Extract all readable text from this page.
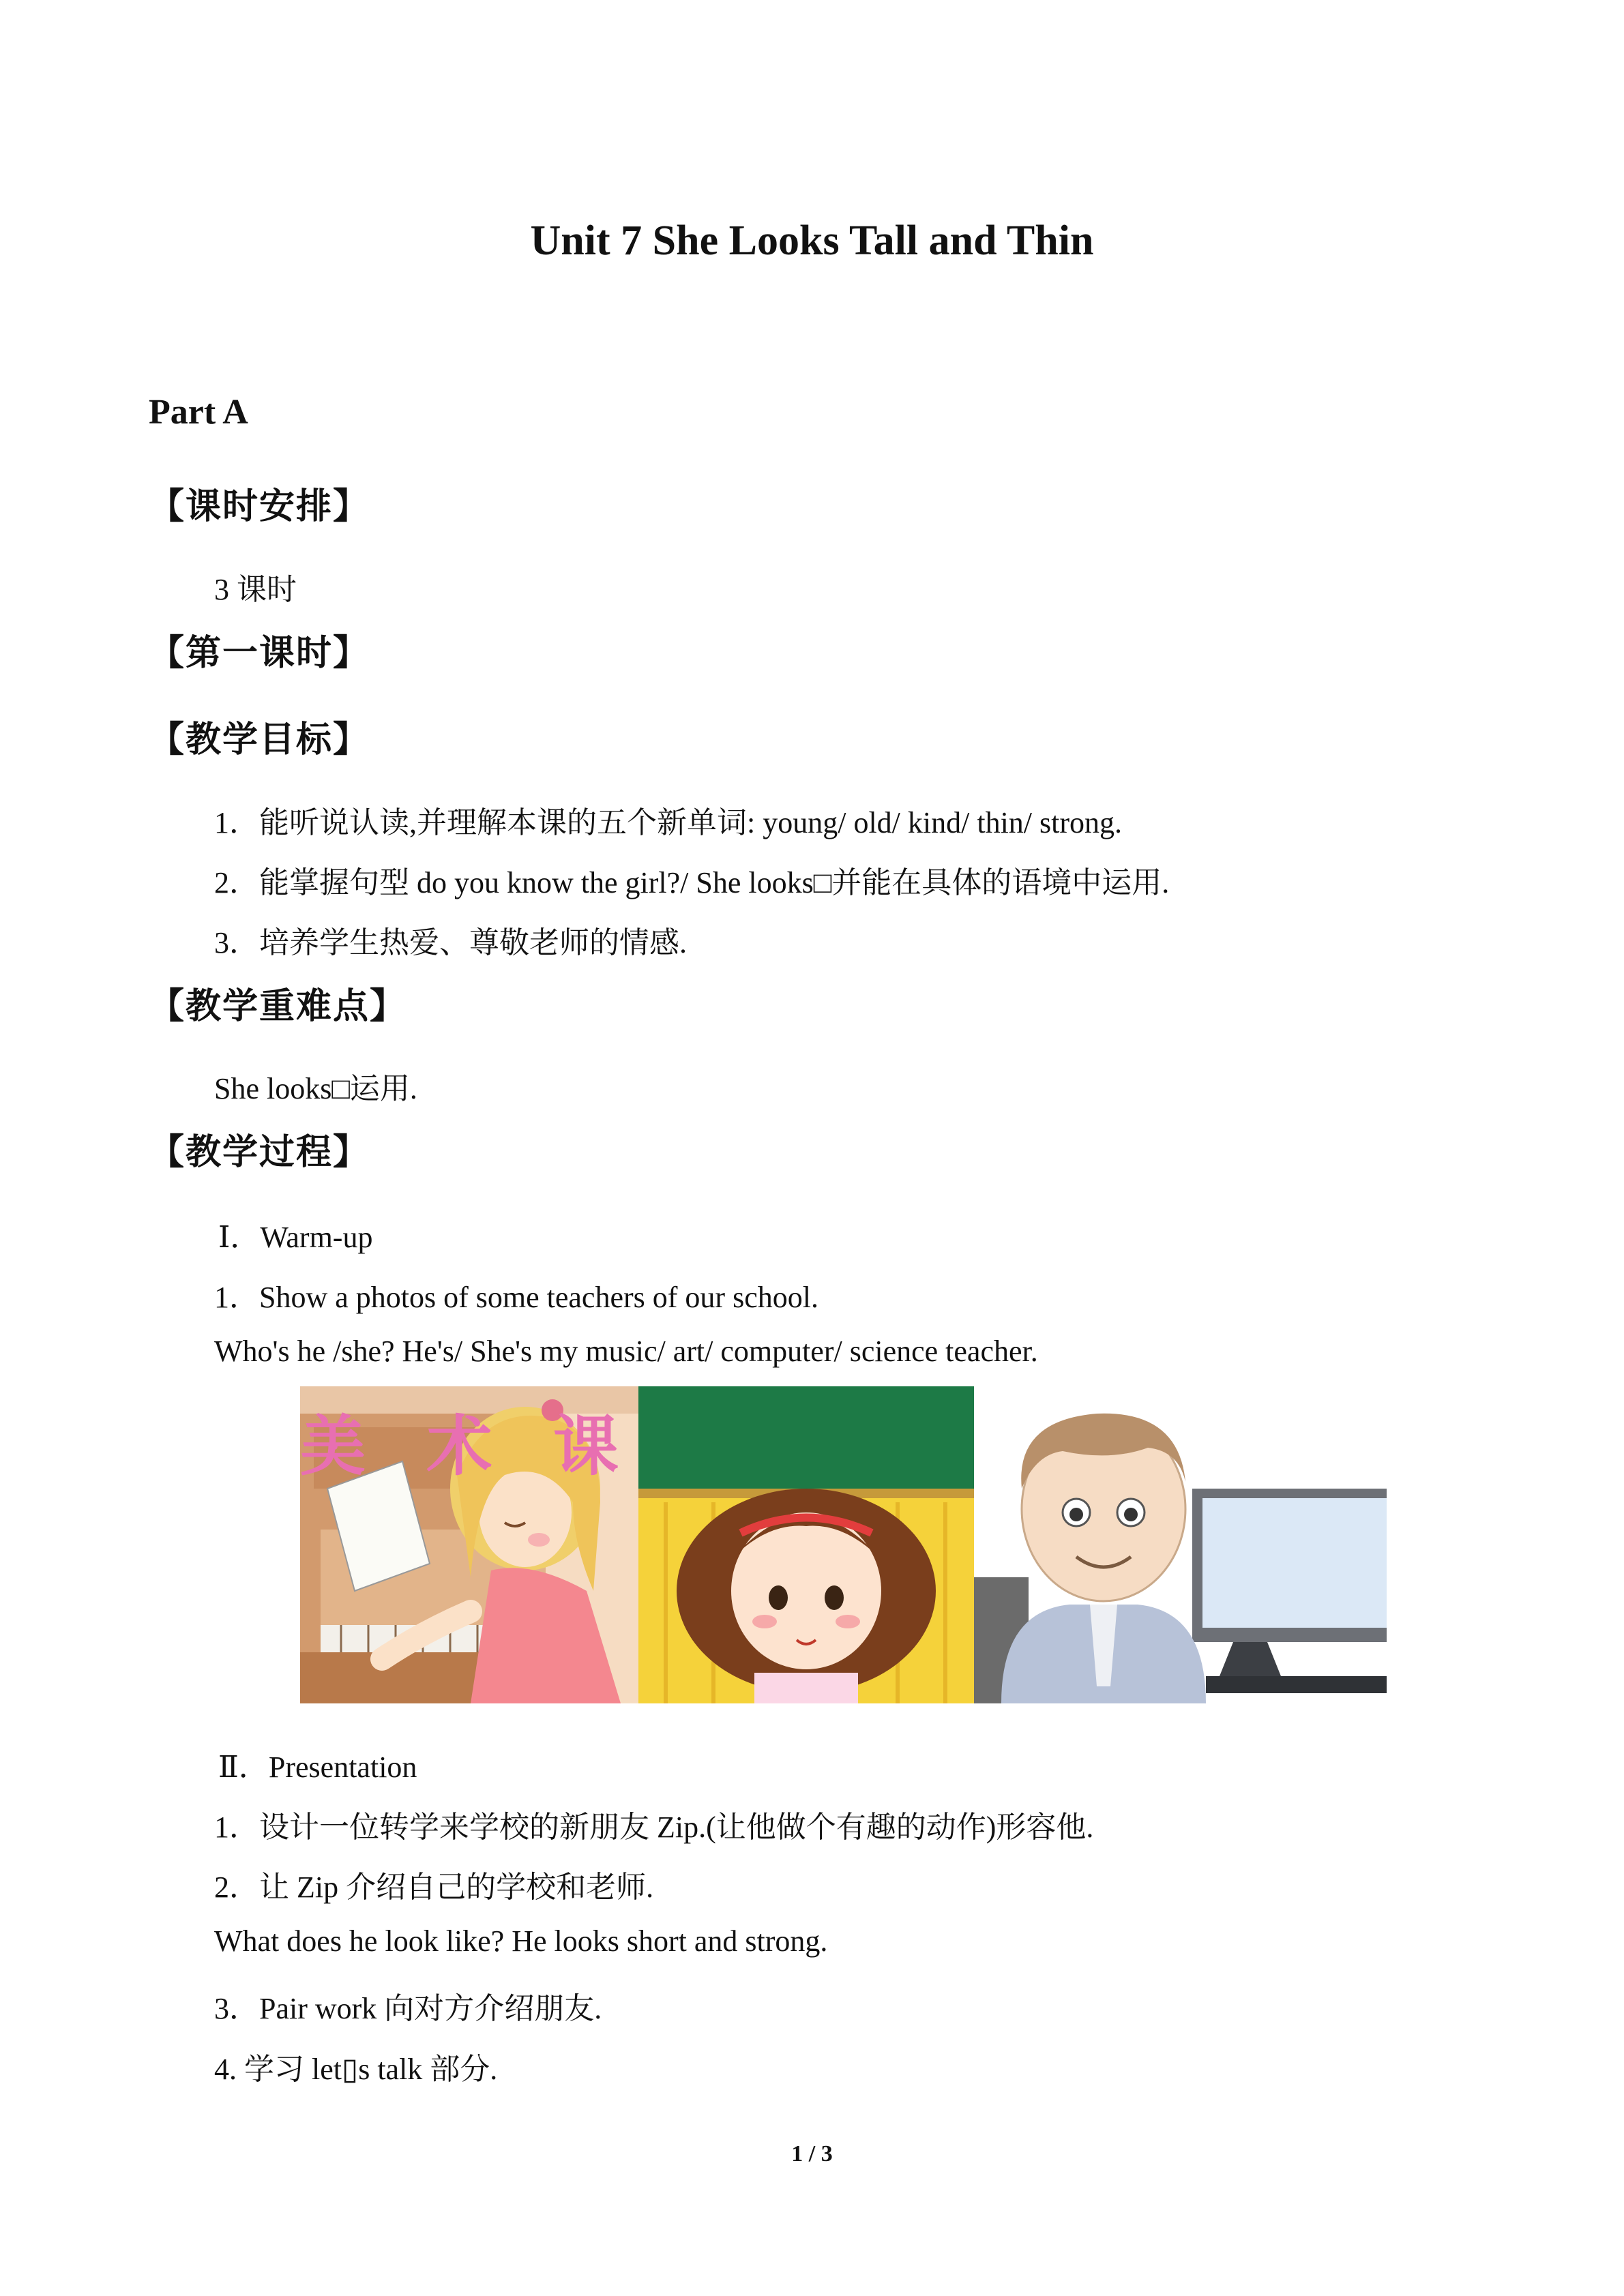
Unit 7 She Looks Tall and Thin
Part A
【课时安排】
3 课时
【第一课时】
【教学目标】
1．能听说认读,并理解本课的五个新单词: young/ old/ kind/ thin/ strong.
2．能掌握句型 do you know the girl?/ She looks□并能在具体的语境中运用.
3．培养学生热爱、尊敬老师的情感.
【教学重难点】
She looks□运用.
【教学过程】
Ⅰ．Warm-up
1．Show a photos of some teachers of our school.
Who's he /she? He's/ She's my music/ art/ computer/ science teacher.
美 术 课
Ⅱ．Presentation
1．设计一位转学来学校的新朋友 Zip.(让他做个有趣的动作)形容他.
2．让 Zip 介绍自己的学校和老师.
What does he look like? He looks short and strong.
3．Pair work 向对方介绍朋友.
4. 学习 let▯s talk 部分.
1 / 3
